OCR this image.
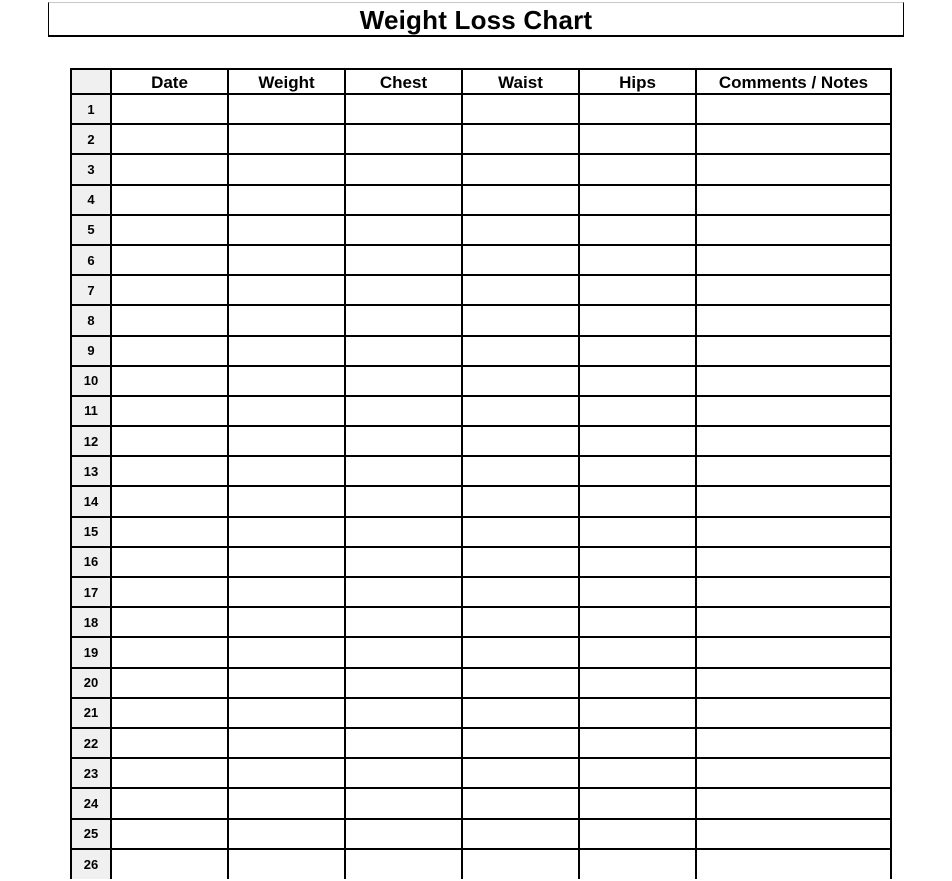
Weight Loss Chart
	Date	Weight	Chest	Waist	Hips	Comments / Notes
1						
2						
3						
4						
5						
6						
7						
8						
9						
10						
11						
12						
13						
14						
15						
16						
17						
18						
19						
20						
21						
22						
23						
24						
25						
26						
